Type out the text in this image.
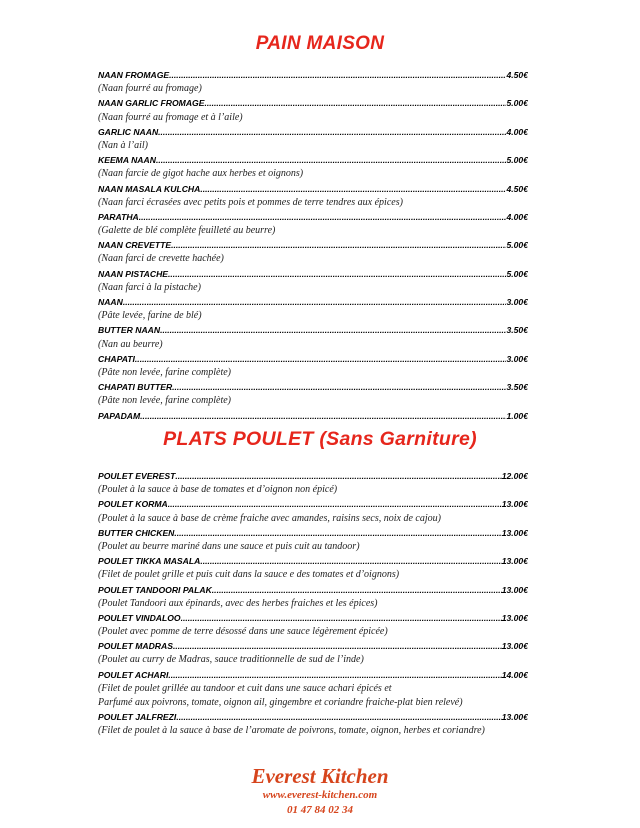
PAIN MAISON
NAAN FROMAGE .....	4.50€
(Naan fourré au fromage)
NAAN GARLIC FROMAGE .....	5.00€
(Naan fourré au fromage et à l’aile)
GARLIC NAAN .....	4.00€
(Nan à l’ail)
KEEMA NAAN .....	5.00€
(Naan farcie de gigot hache aux herbes et oignons)
NAAN MASALA KULCHA .....	4.50€
(Naan farci écrasées avec petits pois et pommes de terre tendres aux épices)
PARATHA .....	4.00€
(Galette de blé complète feuilleté au beurre)
NAAN CREVETTE .....	5.00€
(Naan farci de crevette hachée)
NAAN PISTACHE .....	5.00€
(Naan farci à la pistache)
NAAN .....	3.00€
(Pâte levée, farine de blé)
BUTTER NAAN .....	3.50€
(Nan au beurre)
CHAPATI .....	3.00€
(Pâte non levée, farine complète)
CHAPATI BUTTER .....	3.50€
(Pâte non levée, farine complète)
PAPADAM .....	1.00€
PLATS POULET (Sans Garniture)
POULET EVEREST .....	12.00€
(Poulet à la sauce à base de tomates et d’oignon non épicé)
POULET KORMA .....	13.00€
(Poulet à la sauce à base de crème fraiche avec amandes, raisins secs, noix de cajou)
BUTTER CHICKEN .....	13.00€
(Poulet au beurre mariné dans une sauce et puis cuit au tandoor)
POULET TIKKA MASALA .....	13.00€
(Filet de poulet grille et puis cuit dans la sauce e des tomates et d’oignons)
POULET TANDOORI PALAK .....	13.00€
(Poulet Tandoori aux épinards, avec des herbes fraiches et les épices)
POULET VINDALOO .....	13.00€
(Poulet avec pomme de terre désossé dans une sauce légèrement épicée)
POULET MADRAS .....	13.00€
(Poulet au curry de Madras, sauce traditionnelle de sud de l’inde)
POULET ACHARI .....	14.00€
(Filet de poulet grillée au tandoor et cuit dans une sauce achari épicés et
Parfumé aux poivrons, tomate, oignon ail, gingembre et coriandre fraiche-plat bien relevé)
POULET JALFREZI .....	13.00€
(Filet de poulet à la sauce à base de l’aromate de poivrons, tomate, oignon, herbes et coriandre)
Everest Kitchen
www.everest-kitchen.com
01 47 84 02 34
